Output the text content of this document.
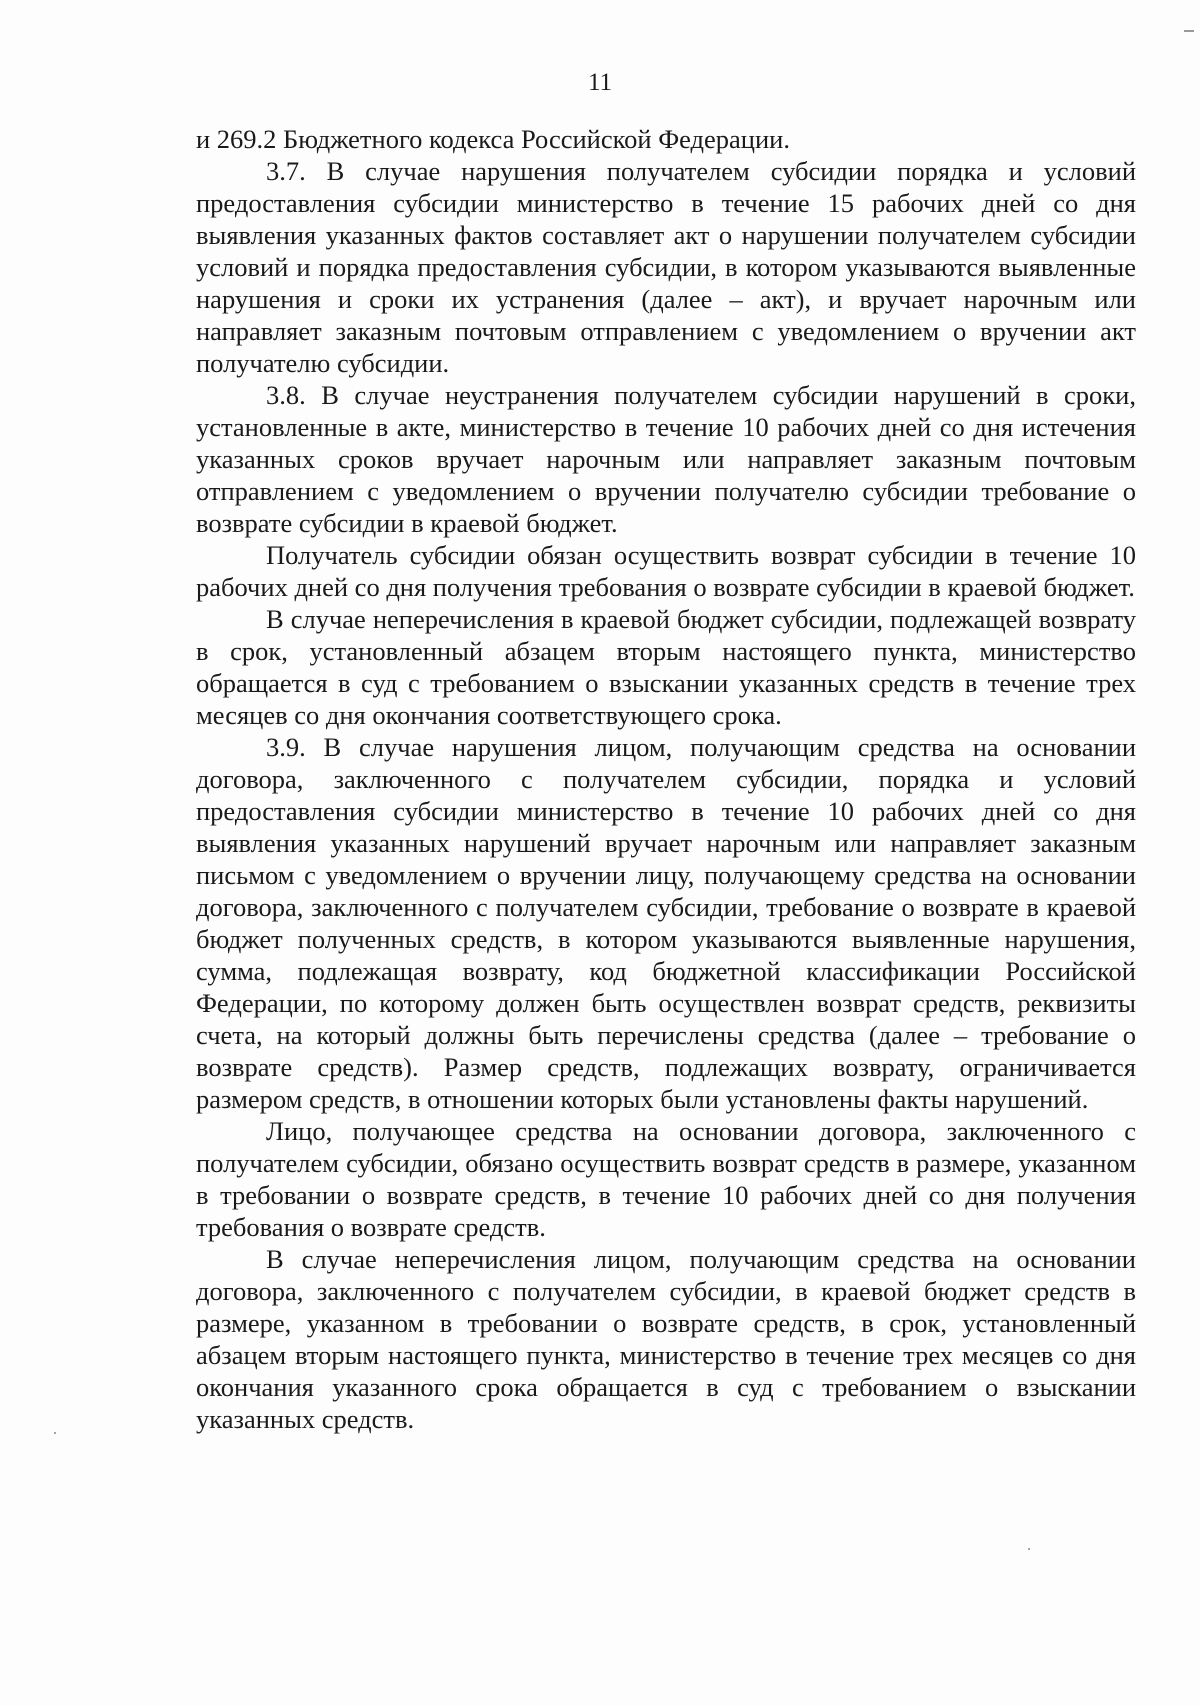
11

и 269.2 Бюджетного кодекса Российской Федерации.

3.7. В случае нарушения получателем субсидии порядка и условий предоставления субсидии министерство в течение 15 рабочих дней со дня выявления указанных фактов составляет акт о нарушении получателем субсидии условий и порядка предоставления субсидии, в котором указываются выявленные нарушения и сроки их устранения (далее – акт), и вручает нарочным или направляет заказным почтовым отправлением с уведомлением о вручении акт получателю субсидии.

3.8. В случае неустранения получателем субсидии нарушений в сроки, установленные в акте, министерство в течение 10 рабочих дней со дня истечения указанных сроков вручает нарочным или направляет заказным почтовым отправлением с уведомлением о вручении получателю субсидии требование о возврате субсидии в краевой бюджет.

Получатель субсидии обязан осуществить возврат субсидии в течение 10 рабочих дней со дня получения требования о возврате субсидии в краевой бюджет.

В случае неперечисления в краевой бюджет субсидии, подлежащей возврату в срок, установленный абзацем вторым настоящего пункта, министерство обращается в суд с требованием о взыскании указанных средств в течение трех месяцев со дня окончания соответствующего срока.

3.9. В случае нарушения лицом, получающим средства на основании договора, заключенного с получателем субсидии, порядка и условий предоставления субсидии министерство в течение 10 рабочих дней со дня выявления указанных нарушений вручает нарочным или направляет заказным письмом с уведомлением о вручении лицу, получающему средства на основании договора, заключенного с получателем субсидии, требование о возврате в краевой бюджет полученных средств, в котором указываются выявленные нарушения, сумма, подлежащая возврату, код бюджетной классификации Российской Федерации, по которому должен быть осуществлен возврат средств, реквизиты счета, на который должны быть перечислены средства (далее – требование о возврате средств). Размер средств, подлежащих возврату, ограничивается размером средств, в отношении которых были установлены факты нарушений.

Лицо, получающее средства на основании договора, заключенного с получателем субсидии, обязано осуществить возврат средств в размере, указанном в требовании о возврате средств, в течение 10 рабочих дней со дня получения требования о возврате средств.

В случае неперечисления лицом, получающим средства на основании договора, заключенного с получателем субсидии, в краевой бюджет средств в размере, указанном в требовании о возврате средств, в срок, установленный абзацем вторым настоящего пункта, министерство в течение трех месяцев со дня окончания указанного срока обращается в суд с требованием о взыскании указанных средств.
